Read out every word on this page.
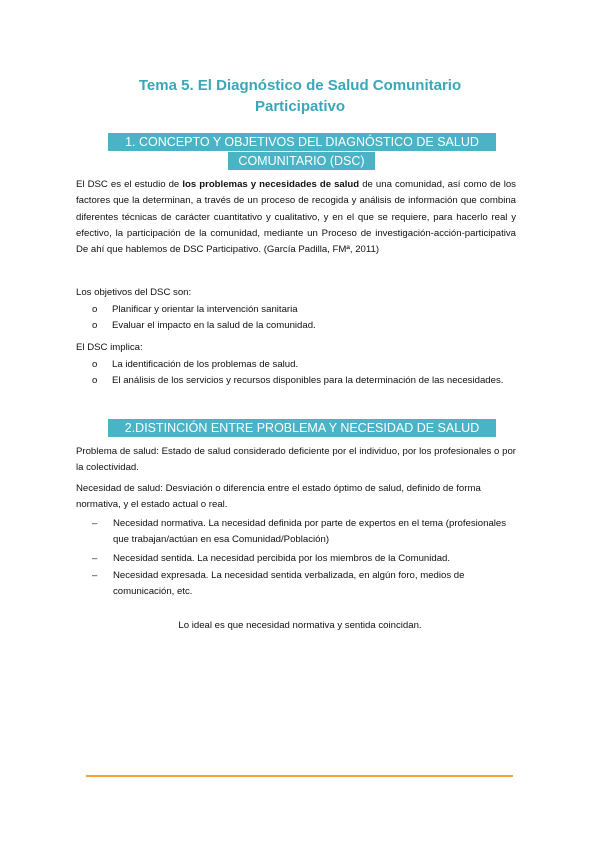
Tema 5. El Diagnóstico de Salud Comunitario
Participativo
1. CONCEPTO Y OBJETIVOS DEL DIAGNÓSTICO DE SALUD
COMUNITARIO (DSC)
El DSC es el estudio de los problemas y necesidades de salud de una comunidad, así como de los factores que la determinan, a través de un proceso de recogida y análisis de información que combina diferentes técnicas de carácter cuantitativo y cualitativo, y en el que se requiere, para hacerlo real y efectivo, la participación de la comunidad, mediante un Proceso de investigación-acción-participativa De ahí que hablemos de DSC Participativo. (García Padilla, FMª, 2011)
Los objetivos del DSC son:
o Planificar y orientar la intervención sanitaria
o Evaluar el impacto en la salud de la comunidad.
El DSC implica:
o La identificación de los problemas de salud.
o El análisis de los servicios y recursos disponibles para la determinación de las necesidades.
2.DISTINCIÓN ENTRE PROBLEMA Y NECESIDAD DE SALUD
Problema de salud: Estado de salud considerado deficiente por el individuo, por los profesionales o por la colectividad.
Necesidad de salud: Desviación o diferencia entre el estado óptimo de salud, definido de forma normativa, y el estado actual o real.
– Necesidad normativa. La necesidad definida por parte de expertos en el tema (profesionales que trabajan/actúan en esa Comunidad/Población)
– Necesidad sentida. La necesidad percibida por los miembros de la Comunidad.
– Necesidad expresada. La necesidad sentida verbalizada, en algún foro, medios de comunicación, etc.
Lo ideal es que necesidad normativa y sentida coincidan.
